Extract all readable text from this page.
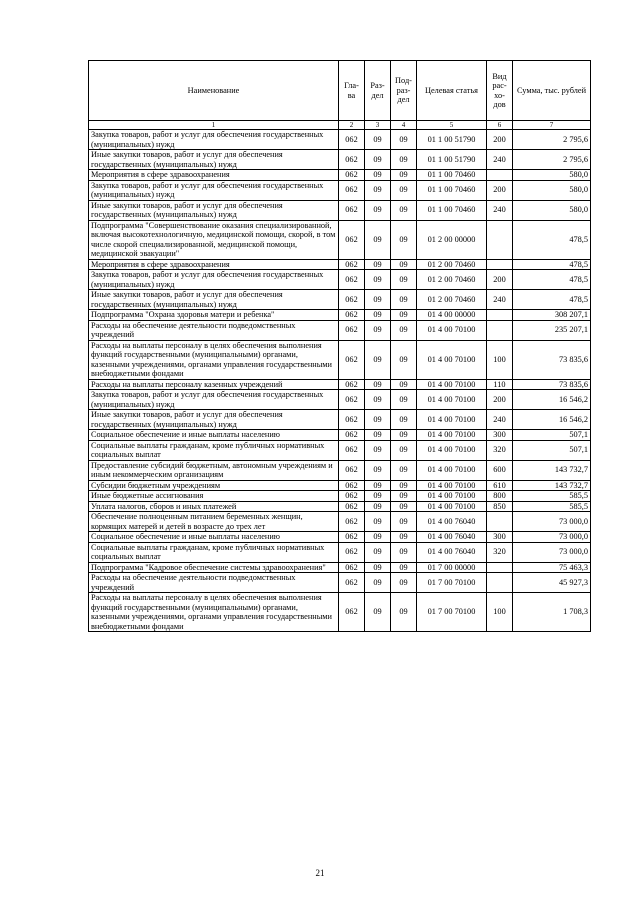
Наименование	Гла-ва	Раз-дел	Под-раз-дел	Целевая статья	Вид рас-хо-дов	Сумма, тыс. рублей
1	2	3	4	5	6	7
Закупка товаров, работ и услуг для обеспечения государственных (муниципальных) нужд	062	09	09	01 1 00 51790	200	2 795,6
Иные закупки товаров, работ и услуг для обеспечения государственных (муниципальных) нужд	062	09	09	01 1 00 51790	240	2 795,6
Мероприятия в сфере здравоохранения	062	09	09	01 1 00 70460		580,0
Закупка товаров, работ и услуг для обеспечения государственных (муниципальных) нужд	062	09	09	01 1 00 70460	200	580,0
Иные закупки товаров, работ и услуг для обеспечения государственных (муниципальных) нужд	062	09	09	01 1 00 70460	240	580,0
Подпрограмма "Совершенствование оказания специализированной, включая высокотехнологичную, медицинской помощи, скорой, в том числе скорой специализированной, медицинской помощи, медицинской эвакуации"	062	09	09	01 2 00 00000		478,5
Мероприятия в сфере здравоохранения	062	09	09	01 2 00 70460		478,5
Закупка товаров, работ и услуг для обеспечения государственных (муниципальных) нужд	062	09	09	01 2 00 70460	200	478,5
Иные закупки товаров, работ и услуг для обеспечения государственных (муниципальных) нужд	062	09	09	01 2 00 70460	240	478,5
Подпрограмма "Охрана здоровья матери и ребенка"	062	09	09	01 4 00 00000		308 207,1
Расходы на обеспечение деятельности подведомственных учреждений	062	09	09	01 4 00 70100		235 207,1
Расходы на выплаты персоналу в целях обеспечения выполнения функций государственными (муниципальными) органами, казенными учреждениями, органами управления государственными внебюджетными фондами	062	09	09	01 4 00 70100	100	73 835,6
Расходы на выплаты персоналу казенных учреждений	062	09	09	01 4 00 70100	110	73 835,6
Закупка товаров, работ и услуг для обеспечения государственных (муниципальных) нужд	062	09	09	01 4 00 70100	200	16 546,2
Иные закупки товаров, работ и услуг для обеспечения государственных (муниципальных) нужд	062	09	09	01 4 00 70100	240	16 546,2
Социальное обеспечение и иные выплаты населению	062	09	09	01 4 00 70100	300	507,1
Социальные выплаты гражданам, кроме публичных нормативных социальных выплат	062	09	09	01 4 00 70100	320	507,1
Предоставление субсидий бюджетным, автономным учреждениям и иным некоммерческим организациям	062	09	09	01 4 00 70100	600	143 732,7
Субсидии бюджетным учреждениям	062	09	09	01 4 00 70100	610	143 732,7
Иные бюджетные ассигнования	062	09	09	01 4 00 70100	800	585,5
Уплата налогов, сборов и иных платежей	062	09	09	01 4 00 70100	850	585,5
Обеспечение полноценным питанием беременных женщин, кормящих матерей и детей в возрасте до трех лет	062	09	09	01 4 00 76040		73 000,0
Социальное обеспечение и иные выплаты населению	062	09	09	01 4 00 76040	300	73 000,0
Социальные выплаты гражданам, кроме публичных нормативных социальных выплат	062	09	09	01 4 00 76040	320	73 000,0
Подпрограмма "Кадровое обеспечение системы здравоохранения"	062	09	09	01 7 00 00000		75 463,3
Расходы на обеспечение деятельности подведомственных учреждений	062	09	09	01 7 00 70100		45 927,3
Расходы на выплаты персоналу в целях обеспечения выполнения функций государственными (муниципальными) органами, казенными учреждениями, органами управления государственными внебюджетными фондами	062	09	09	01 7 00 70100	100	1 708,3
21
